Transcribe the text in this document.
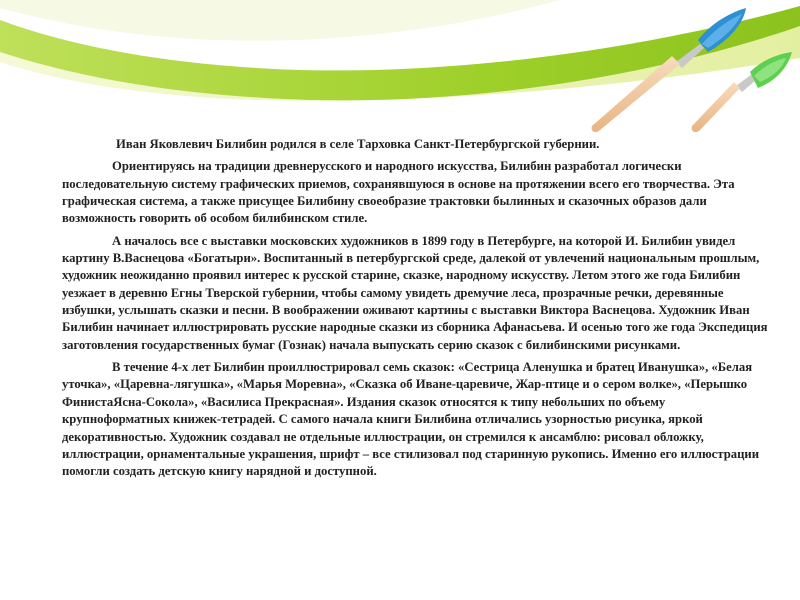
Иван Яковлевич Билибин родился в селе Тарховка Санкт-Петербургской губернии.

Ориентируясь на традиции древнерусского и народного искусства, Билибин разработал логически последовательную систему графических приемов, сохранявшуюся в основе на протяжении всего его творчества. Эта графическая система, а также присущее Билибину своеобразие трактовки былинных и сказочных образов дали возможность говорить об особом билибинском стиле.

А началось все с выставки московских художников в 1899 году в Петербурге, на которой И. Билибин увидел картину В.Васнецова «Богатыри». Воспитанный в петербургской среде, далекой от увлечений национальным прошлым, художник неожиданно проявил интерес к русской старине, сказке, народному искусству. Летом этого же года Билибин уезжает в деревню Егны Тверской губернии, чтобы самому увидеть дремучие леса, прозрачные речки, деревянные избушки, услышать сказки и песни. В воображении оживают картины с выставки Виктора Васнецова. Художник Иван Билибин начинает иллюстрировать русские народные сказки из сборника Афанасьева. И осенью того же года Экспедиция заготовления государственных бумаг (Гознак) начала выпускать серию сказок с билибинскими рисунками.

В течение 4-х лет Билибин проиллюстрировал семь сказок: «Сестрица Аленушка и братец Иванушка», «Белая уточка», «Царевна-лягушка», «Марья Моревна», «Сказка об Иване-царевиче, Жар-птице и о сером волке», «Перышко ФинистаЯсна-Сокола», «Василиса Прекрасная». Издания сказок относятся к типу небольших по объему крупноформатных книжек-тетрадей. С самого начала книги Билибина отличались узорностью рисунка, яркой декоративностью. Художник создавал не отдельные иллюстрации, он стремился к ансамблю: рисовал обложку, иллюстрации, орнаментальные украшения, шрифт – все стилизовал под старинную рукопись. Именно его иллюстрации помогли создать детскую книгу нарядной и доступной.
